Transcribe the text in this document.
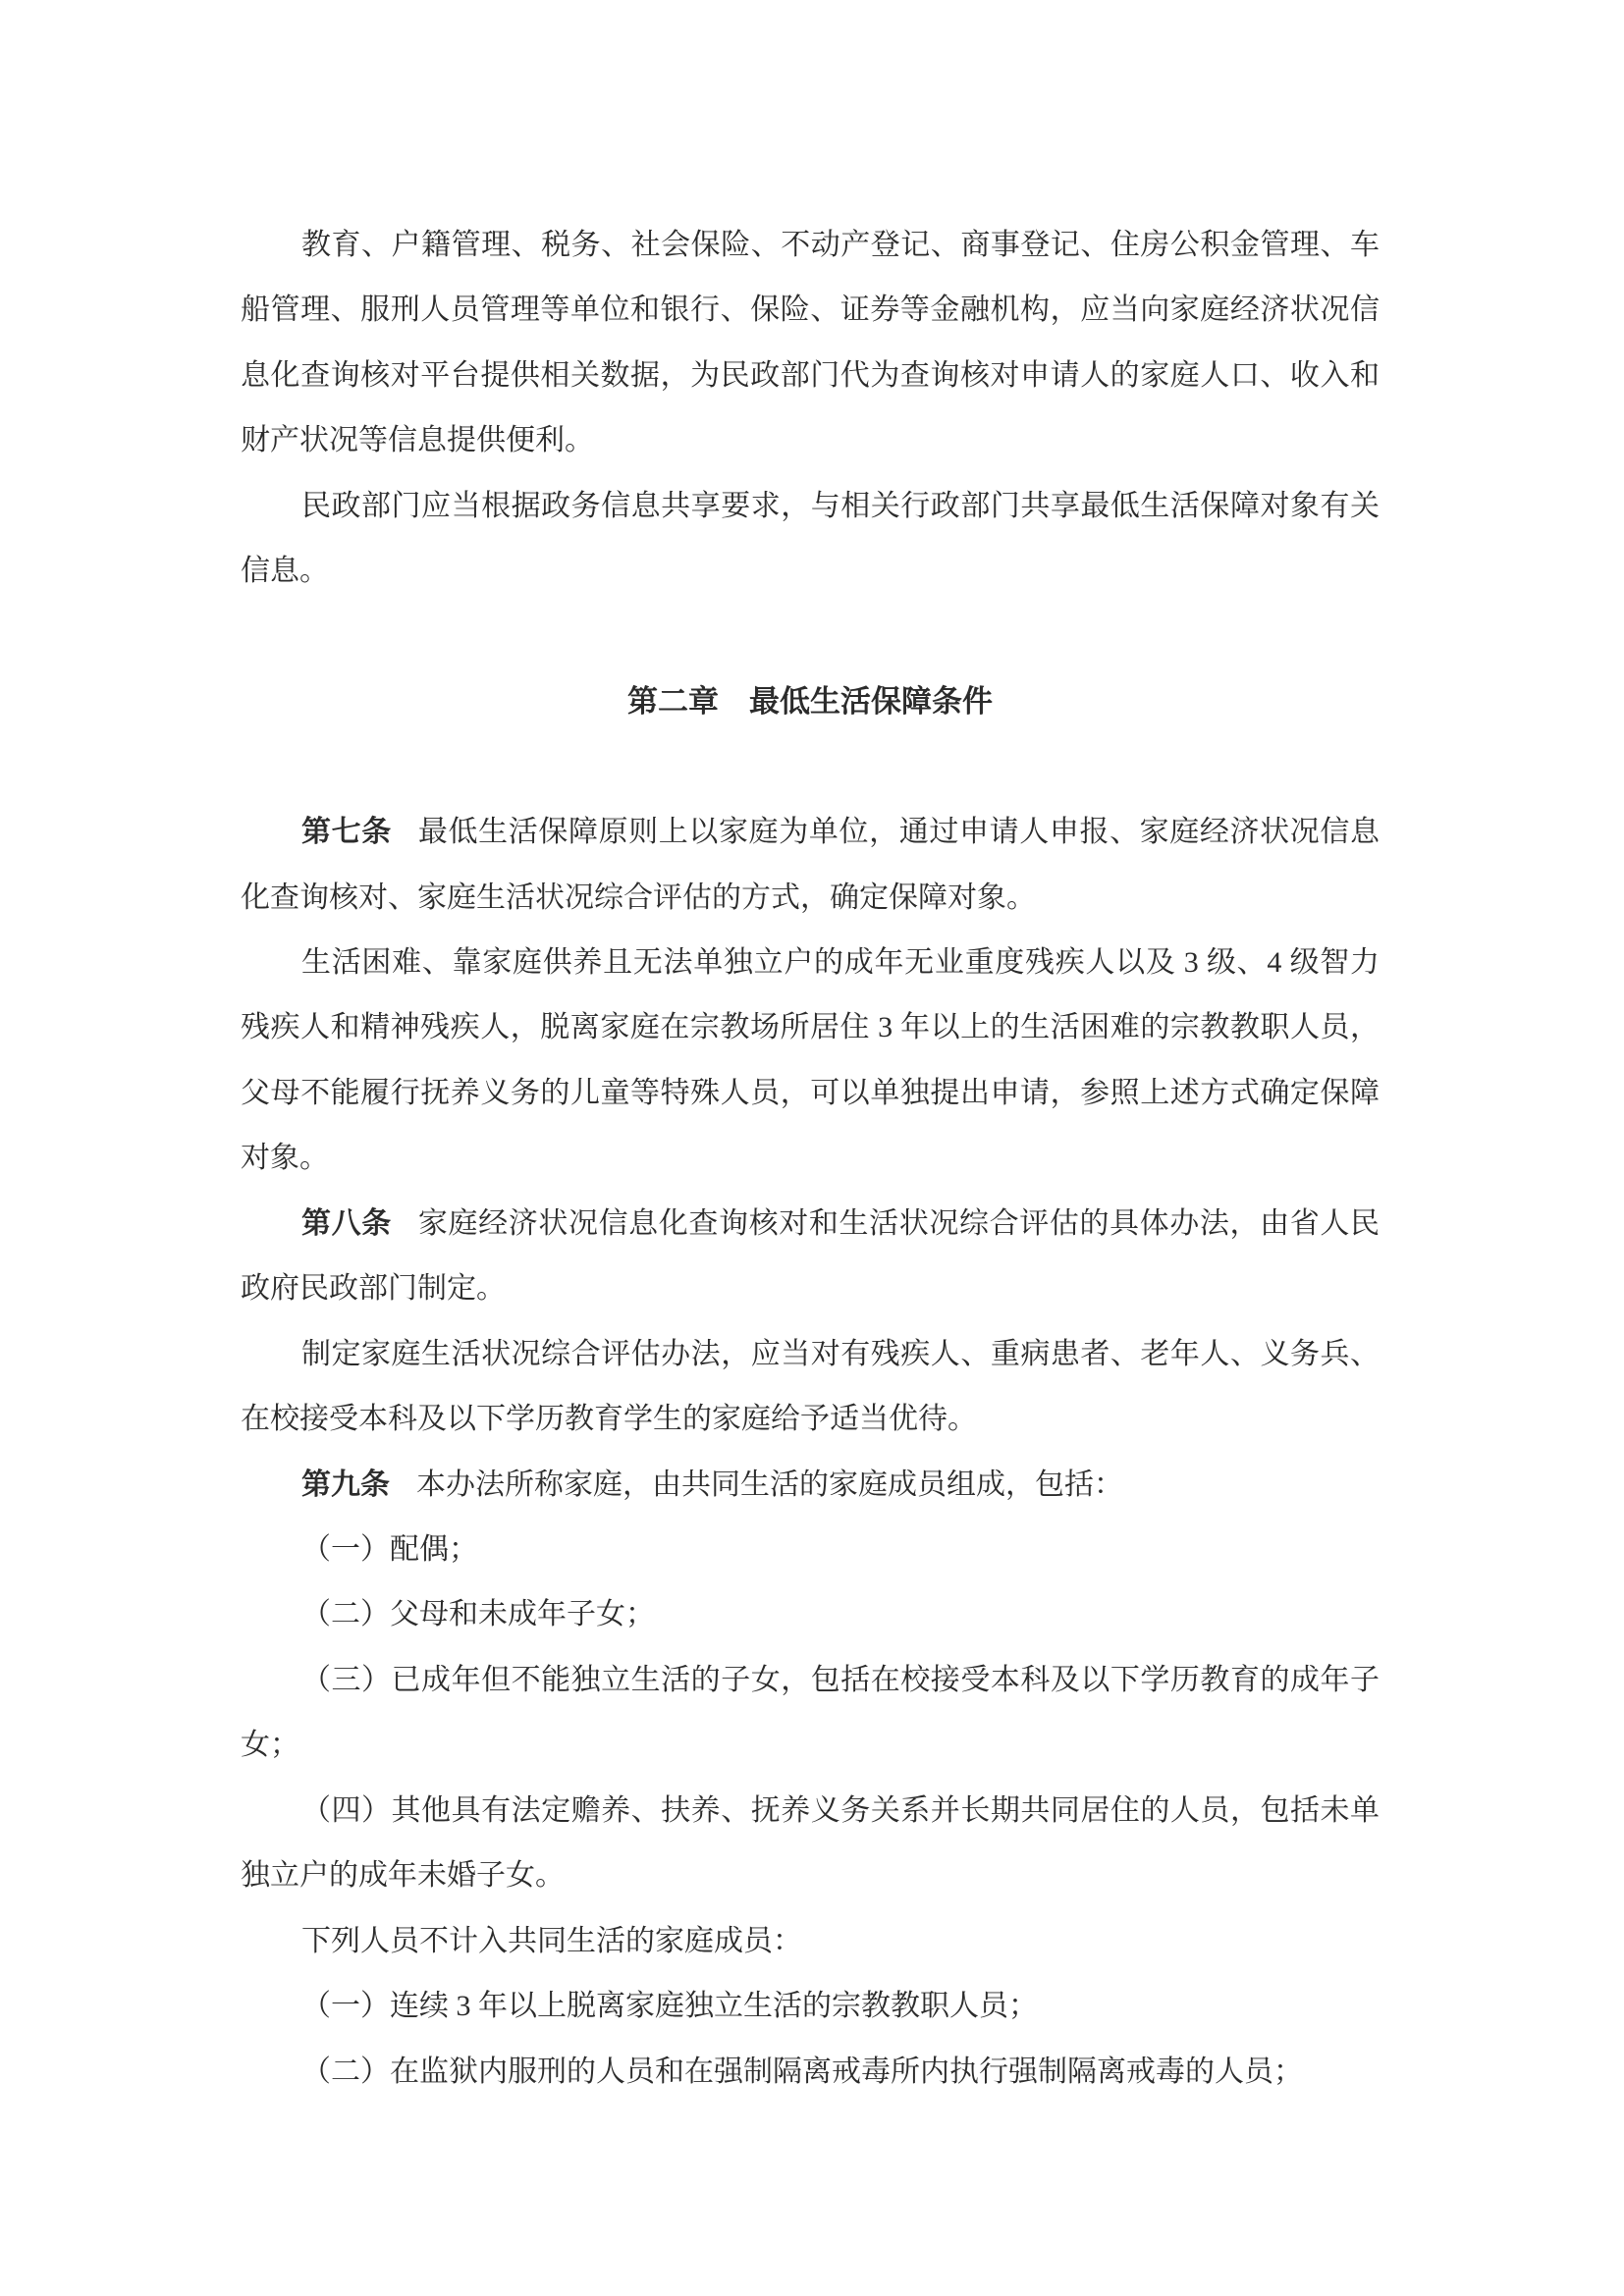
教育、户籍管理、税务、社会保险、不动产登记、商事登记、住房公积金管理、车船管理、服刑人员管理等单位和银行、保险、证券等金融机构，应当向家庭经济状况信息化查询核对平台提供相关数据，为民政部门代为查询核对申请人的家庭人口、收入和财产状况等信息提供便利。

民政部门应当根据政务信息共享要求，与相关行政部门共享最低生活保障对象有关信息。

第二章 最低生活保障条件

第七条 最低生活保障原则上以家庭为单位，通过申请人申报、家庭经济状况信息化查询核对、家庭生活状况综合评估的方式，确定保障对象。

生活困难、靠家庭供养且无法单独立户的成年无业重度残疾人以及 3 级、4 级智力残疾人和精神残疾人，脱离家庭在宗教场所居住 3 年以上的生活困难的宗教教职人员，父母不能履行抚养义务的儿童等特殊人员，可以单独提出申请，参照上述方式确定保障对象。

第八条 家庭经济状况信息化查询核对和生活状况综合评估的具体办法，由省人民政府民政部门制定。

制定家庭生活状况综合评估办法，应当对有残疾人、重病患者、老年人、义务兵、在校接受本科及以下学历教育学生的家庭给予适当优待。

第九条 本办法所称家庭，由共同生活的家庭成员组成，包括：

（一）配偶；

（二）父母和未成年子女；

（三）已成年但不能独立生活的子女，包括在校接受本科及以下学历教育的成年子女；

（四）其他具有法定赡养、扶养、抚养义务关系并长期共同居住的人员，包括未单独立户的成年未婚子女。

下列人员不计入共同生活的家庭成员：

（一）连续 3 年以上脱离家庭独立生活的宗教教职人员；

（二）在监狱内服刑的人员和在强制隔离戒毒所内执行强制隔离戒毒的人员；
